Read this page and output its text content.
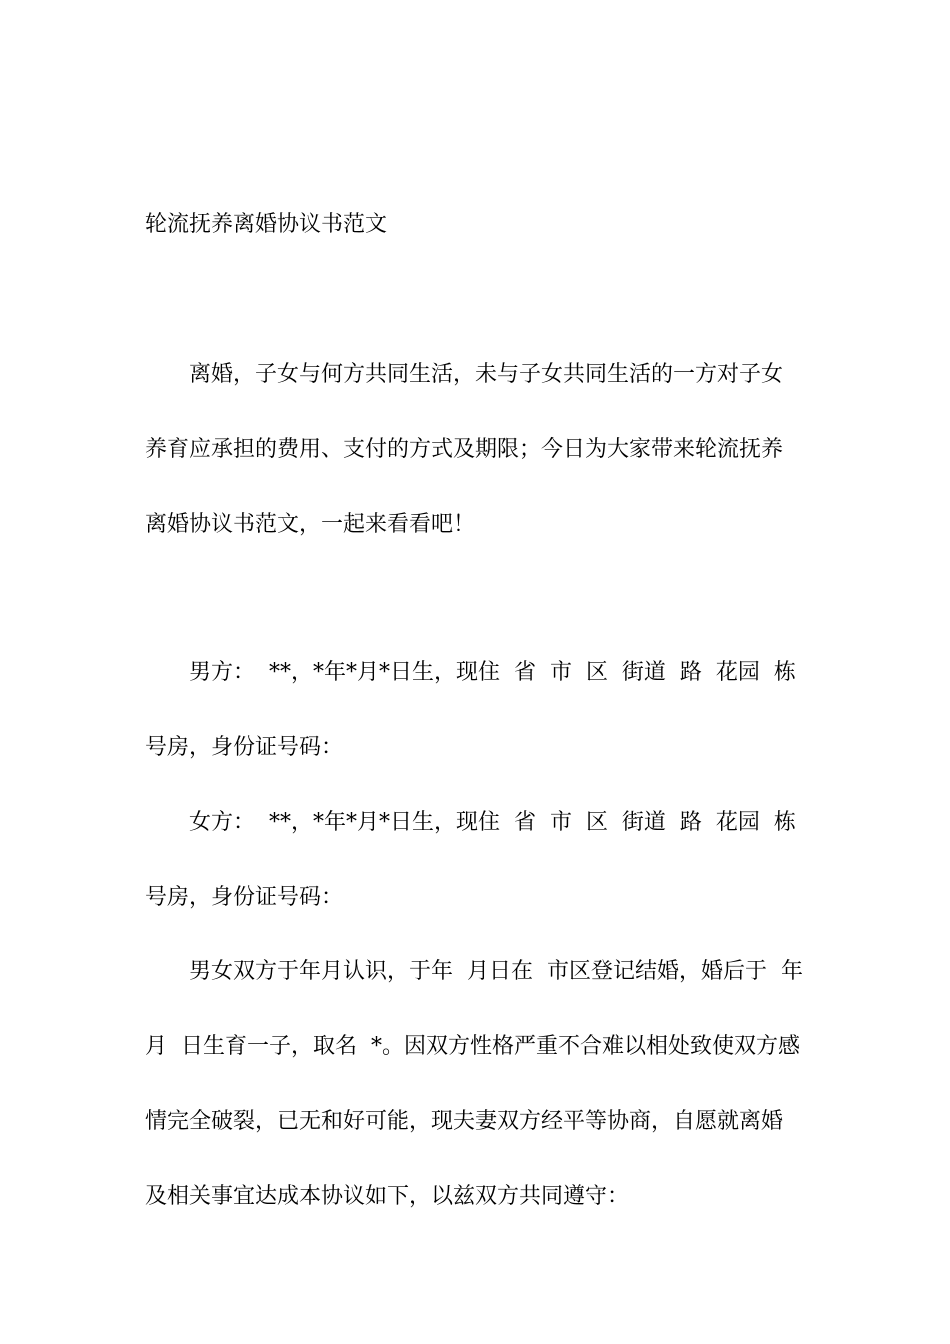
轮流抚养离婚协议书范文
离婚，子女与何方共同生活，未与子女共同生活的一方对子女
养育应承担的费用、支付的方式及期限；今日为大家带来轮流抚养
离婚协议书范文，一起来看看吧！
男方：  **，*年*月*日生，现住  省  市  区  街道  路  花园  栋
号房，身份证号码：
女方：  **，*年*月*日生，现住  省  市  区  街道  路  花园  栋
号房，身份证号码：
男女双方于年月认识，于年  月日在  市区登记结婚，婚后于  年
月  日生育一子，取名  *。因双方性格严重不合难以相处致使双方感
情完全破裂，已无和好可能，现夫妻双方经平等协商，自愿就离婚
及相关事宜达成本协议如下，以兹双方共同遵守：
